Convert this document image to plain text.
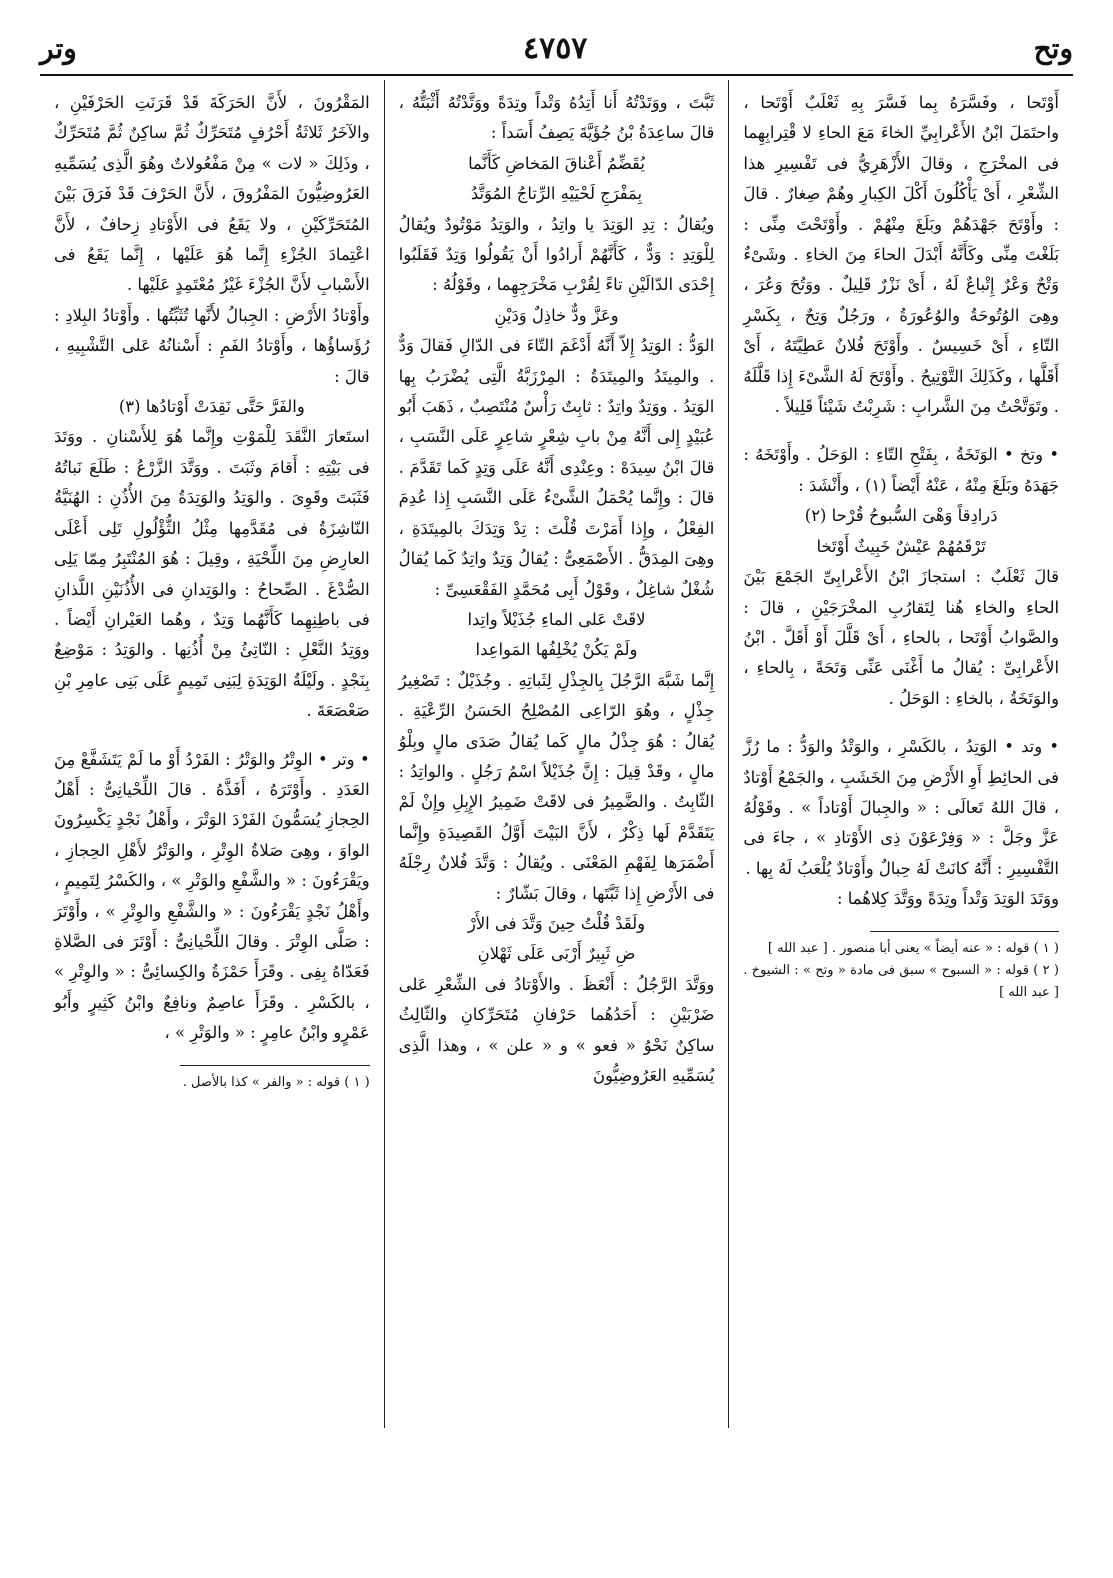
وتح
٤٧٥٧
وتر

أَوْتَحا ، وفَسَّرَهُ بِما فَسَّرَ بِهِ ثَعْلَبٌ أَوْتَحا ، واحتَمَلَ ابْنُ الأَعْرابِيِّ الخاءَ مَعَ الحاءِ لا قْتِرابِهِما فى المخْرَجِ ، وقالَ الأَزْهَرِيُّ فى تَفْسِيرِ هذا الشِّعْرِ ، أَىْ يَأْكُلُونَ أَكْلَ الكِبارِ وهُمْ صِغارٌ . قالَ : وأَوْتَحَ جَهْدَهُمْ وبَلَغَ مِنْهُمْ . وأَوْتَحْتَ مِنِّى : بَلَغْتَ مِنِّى وكَأَنَّهُ أَبْدَلَ الحاءَ مِنَ الخاءِ . وشَىْءٌ وَتْحٌ وَعْرٌ إِتْباعٌ لَهُ ، أَىْ نَزْرٌ قَلِيلٌ . ووَتُحَ وَعُرَ ، وهِىَ الوُتُوحَةُ والوُعُورَةُ ، ورَجُلٌ وَتِحٌ ، بِكَسْرِ التّاءِ ، أَىْ خَسِيسٌ . وأَوْتَحَ فُلانٌ عَطِيَّتَهُ ، أَىْ أَقَلَّها ، وكَذَلِكَ التَّوْتِيحُ . وأَوْتَحَ لَهُ الشَّىْءَ إِذا قَلَّلَهُ . وتَوَتَّحْتُ مِنَ الشَّرابِ : شَرِبْتُ شَيْئاً قَلِيلاً .

• وتخ • الوَتَخَةُ ، بِفَتْحِ التّاءِ : الوَحَلُ . وأَوْتَخَهُ : جَهَدَهُ وبَلَغَ مِنْهُ ، عَنْهُ أَيْضاً (١) ، وأَنْشَدَ :

دَرادِقاً وَهْىَ السُّبوحُ قُرْحا (٢)

تَرْقَمُهُمْ عَيْشٌ خَبِيثٌ أَوْتَخا

قالَ ثَعْلَبٌ : استجازَ ابْنُ الأَعْرابِىِّ الجَمْعَ بَيْنَ الحاءِ والخاءِ هُنا لِتَقارُبِ المخْرَجَيْنِ ، قالَ : والصَّوابُ أَوْتَحا ، بالحاءِ ، أَىْ قَلَّلَ أَوْ أَقَلَّ . ابْنُ الأَعْرابِىِّ : يُقالُ ما أَغْنَى عَنِّى وَتَحَةً ، بِالحاءِ ، والوَتَخَةُ ، بالخاءِ : الوَحَلُ .

• وتد • الوَتِدُ ، بالكَسْرِ ، والوَتْدُ والوَدُّ : ما رُزَّ فى الحائِطِ أَوِ الأَرْضِ مِنَ الخَشَبِ ، والجَمْعُ أَوْتادٌ ، قالَ اللهُ تَعالَى : « والجِبالَ أَوْتاداً » . وقَوْلُهُ عَزَّ وجَلَّ : « وَفِرْعَوْنَ ذِى الأَوْتادِ » ، جاءَ فى التَّفْسِيرِ : أَنَّهُ كانَتْ لَهُ حِبالٌ وأَوْتادٌ يُلْعَبُ لَهُ بِها .

ووَتَدَ الوَتِدَ وَتْداً وتِدَةً ووَتَّدَ كِلاهُما :

( ١ ) قوله : « عنه أيضاً » يعنى أبا منصور . [ عبد الله ]

( ٢ ) قوله : « السبوح » سبق فى مادة « وتح » : الشيوخ . [ عبد الله ]

ثَبَّتَ ، ووَتَدْتُهُ أَنا أَتِدُهُ وَتْداً وتِدَةً ووَتَّدْتُهُ أَثْبَتُّهُ ، قالَ ساعِدَةُ بْنُ جُؤَيَّةَ يَصِفُ أَسَداً :

يُقَضِّمُ أَعْناقَ المَخاضِ كَأَنَّما

بِمَفْرَجِ لَحْيَيْهِ الرِّتاجُ المُوَتَّدُ

ويُقالُ : تِدِ الوَتِدَ يا واتِدُ ، والوَتِدُ مَوْتُودٌ ويُقالُ لِلْوَتِدِ : وَدٌّ ، كَأَنَّهُمْ أَرادُوا أَنْ يَقُولُوا وَتِدٌ فَقَلَبُوا إِحْدَى الدّالَيْنِ تاءً لِقُرْبِ مَخْرَجِهِما ، وقَوْلُهُ :

وعَزَّ ودٌّ خاذِلٌ وَدَيْنِ

الوَدُّ : الوَتِدُ إِلاّ أَنَّهُ أَدْغَمَ التّاءَ فى الدّالِ فَقالَ وَدٌّ . والمِيتَدُ والمِيتَدَةُ : المِرْزَبَّةُ الَّتِى يُضْرَبُ بِها الوَتِدُ . ووَتِدٌ واتِدٌ : ثابِتٌ رَأْسٌ مُنْتَصِبٌ ، ذَهَبَ أَبُو عُبَيْدٍ إِلى أَنَّهُ مِنْ بابِ شِعْرٍ شاعِرٍ عَلَى النَّسَبِ ، قالَ ابْنُ سِيدَهْ : وعِنْدِى أَنَّهُ عَلَى وَتِدٍ كَما تَقَدَّمَ . قالَ : وإِنَّما يُحْمَلُ الشَّىْءُ عَلَى النَّسَبِ إِذا عُدِمَ الفِعْلُ ، وإِذا أَمَرْتَ قُلْتَ : تِدْ وَتِدَكَ بالمِيتَدَةِ ، وهِىَ المِدَقُّ . الأَصْمَعِىُّ : يُقالُ وَتِدٌ واتِدٌ كَما يُقالُ شُغْلٌ شاغِلٌ ، وقَوْلُ أَبِى مُحَمَّدٍ الفَقْعَسِىِّ :

لاقَتْ عَلى الماءِ جُذَيْلاً واتِدا

ولَمْ يَكُنْ يُخْلِفُها المَواعِدا

إِنَّما شَبَّهَ الرَّجُلَ بِالجِذْلِ لِثَباتِهِ . وجُذَيْلٌ : تَصْغِيرُ جِذْلٍ ، وهُوَ الرّاعِى المُصْلِحُ الحَسَنُ الرِّعْيَةِ . يُقالُ : هُوَ جِذْلُ مالٍ كَما يُقالُ صَدَى مالٍ وبِلْوُ مالٍ ، وقَدْ قِيلَ : إِنَّ جُذَيْلاً اسْمُ رَجُلٍ . والواتِدُ : الثّابِتُ . والضَّمِيرُ فى لاقَتْ ضَمِيرُ الإِبِلِ وإِنْ لَمْ يَتَقَدَّمْ لَها ذِكْرٌ ، لأَنَّ البَيْتَ أَوَّلُ القَصِيدَةِ وإِنَّما أَضْمَرَها لِفَهْمِ المَعْنَى . ويُقالُ : وَتَّدَ فُلانٌ رِجْلَهُ فى الأَرْضِ إِذا ثَبَّتَها ، وقالَ بَشّارٌ :

ولَقَدْ قُلْتُ حِينَ وَتَّدَ فى الأَرْ

ضِ ثَبِيرٌ أَرْبَى عَلَى ثَهْلانِ

ووَتَّدَ الرَّجُلُ : أَنْعَظَ . والأَوْتادُ فى الشِّعْرِ عَلى ضَرْبَيْنِ : أَحَدُهُما حَرْفانِ مُتَحَرِّكانِ والثّالِثُ ساكِنٌ نَحْوُ « فعو » و « علن » ، وهذا الَّذِى يُسَمِّيهِ العَرُوضِيُّونَ

المَقْرُونَ ، لأَنَّ الحَرَكَةَ قَدْ قَرَنَتِ الحَرْفَيْنِ ، والآخَرُ ثَلاثَةُ أَحْرُفٍ مُتَحَرِّكٌ ثُمَّ ساكِنٌ ثُمَّ مُتَحَرِّكٌ ، وذَلِكَ « لات » مِنْ مَفْعُولاتٌ وهُوَ الَّذِى يُسَمِّيهِ العَرُوضِيُّونَ المَفْرُوقَ ، لأَنَّ الحَرْفَ قَدْ فَرَقَ بَيْنَ المُتَحَرِّكَيْنِ ، ولا يَقَعُ فى الأَوْتادِ زِحافٌ ، لأَنَّ اعْتِمادَ الجُزْءِ إِنَّما هُوَ عَلَيْها ، إِنَّما يَقَعُ فى الأَسْبابِ لأَنَّ الجُزْءَ غَيْرُ مُعْتَمِدٍ عَلَيْها .

وأَوْتادُ الأَرْضِ : الجِبالُ لأَنَّها تُثَبِّتُها . وأَوْتادُ البِلادِ : رُؤَساؤُها ، وأَوْتادُ الفَمِ : أَسْنانُهُ عَلى التَّشْبِيهِ ، قالَ :

والفَرَّ حَتَّى نَقِدَتْ أَوْتادُها (٣)

استَعارَ النَّقَدَ لِلْمَوْتِ وإِنَّما هُوَ لِلأَسْنانِ . ووَتَدَ فى بَيْتِهِ : أَقامَ وثَبَتَ . ووَتَّدَ الزَّرْعُ : طَلَعَ نَباتُهُ فَثَبَتَ وقَوِىَ . والوَتِدُ والوَتِدَةُ مِنَ الأُذُنِ : الهُنَيَّةُ النّاشِزَةُ فى مُقَدَّمِها مِثْلُ الثُّؤْلُولِ تَلِى أَعْلَى العارِضِ مِنَ اللِّحْيَةِ ، وقِيلَ : هُوَ المُنْتَبِرُ مِمّا يَلِى الصُّدْغَ . الصِّحاحُ : والوَتِدانِ فى الأُذُنَيْنِ اللَّذانِ فى باطِنِهِما كَأَنَّهُما وَتِدٌ ، وهُما العَيْرانِ أَيْضاً . ووَتِدُ النَّعْلِ : النّاتِئُ مِنْ أُذُنِها . والوَتِدُ : مَوْضِعٌ بِنَجْدٍ . ولَيْلَةُ الوَتِدَةِ لِبَنِى تَمِيمٍ عَلَى بَنِى عامِرِ بْنِ صَعْصَعَةَ .

• وتر • الوِتْرُ والوَتْرُ : الفَرْدُ أَوْ ما لَمْ يَتَشَفَّعْ مِنَ العَدَدِ . وأَوْتَرَهُ ، أَفَذَّهُ . قالَ اللِّحْيانِىُّ : أَهْلُ الحِجازِ يُسَمُّونَ الفَرْدَ الوَتْرَ ، وأَهْلُ نَجْدٍ يَكْسِرُونَ الواوَ ، وهِىَ صَلاةُ الوِتْرِ ، والوَتْرُ لأَهْلِ الحِجازِ ، ويَقْرَءُونَ : « والشَّفْعِ والوَتْرِ » ، والكَسْرُ لِتَمِيمٍ ، وأَهْلُ نَجْدٍ يَقْرَءُونَ : « والشَّفْعِ والوِتْرِ » ، وأَوْتَرَ : صَلَّى الوِتْرَ . وقالَ اللِّحْيانِىُّ : أَوْتَرَ فى الصَّلاةِ فَعَدّاهُ بِفِى . وقَرَأَ حَمْزَةُ والكِسائِىُّ : « والوِتْرِ » ، بالكَسْرِ . وقَرَأَ عاصِمٌ ونافِعٌ وابْنُ كَثِيرٍ وأَبُو عَمْرٍو وابْنُ عامِرٍ : « والوَتْرِ » ،

( ١ ) قوله : « والفر » كذا بالأصل .
